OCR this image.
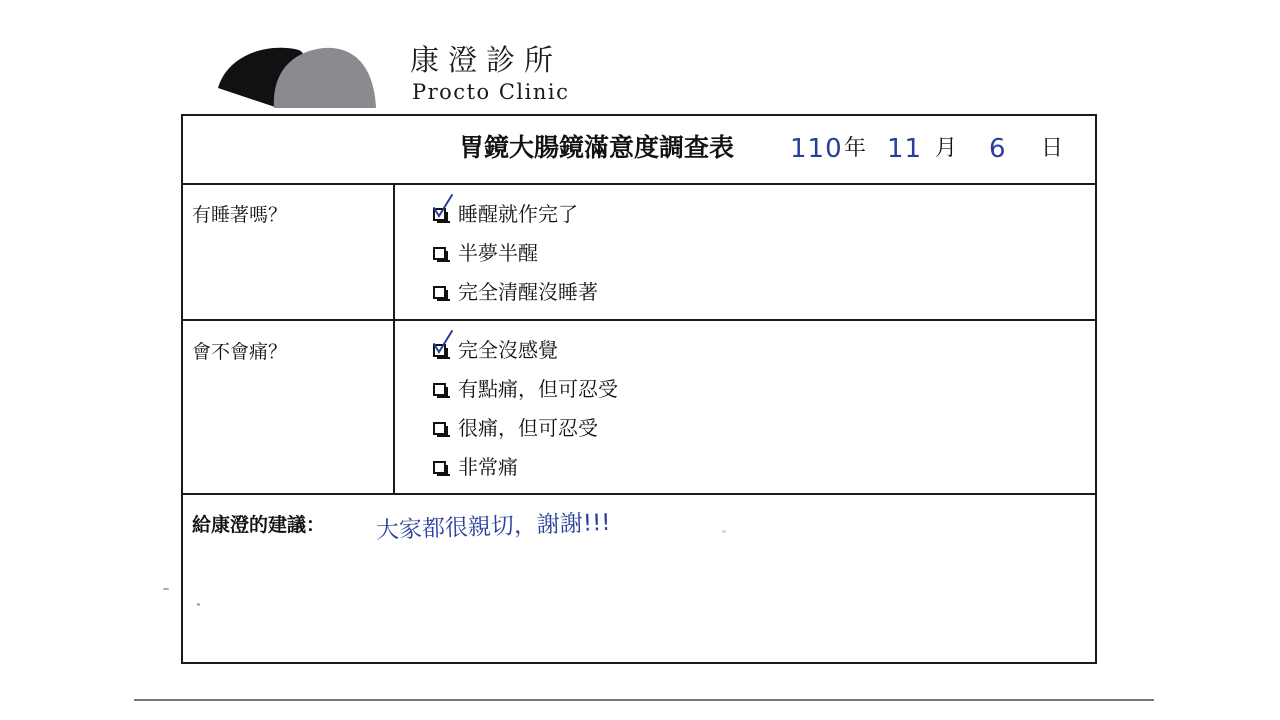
康澄診所
Procto Clinic
胃鏡大腸鏡滿意度調查表 110 年 11 月 6 日
有睡著嗎？	睡醒就作完了
半夢半醒
完全清醒沒睡著
會不會痛？	完全沒感覺
有點痛，但可忍受
很痛，但可忍受
非常痛
給康澄的建議： 大家都很親切，謝謝!!!
